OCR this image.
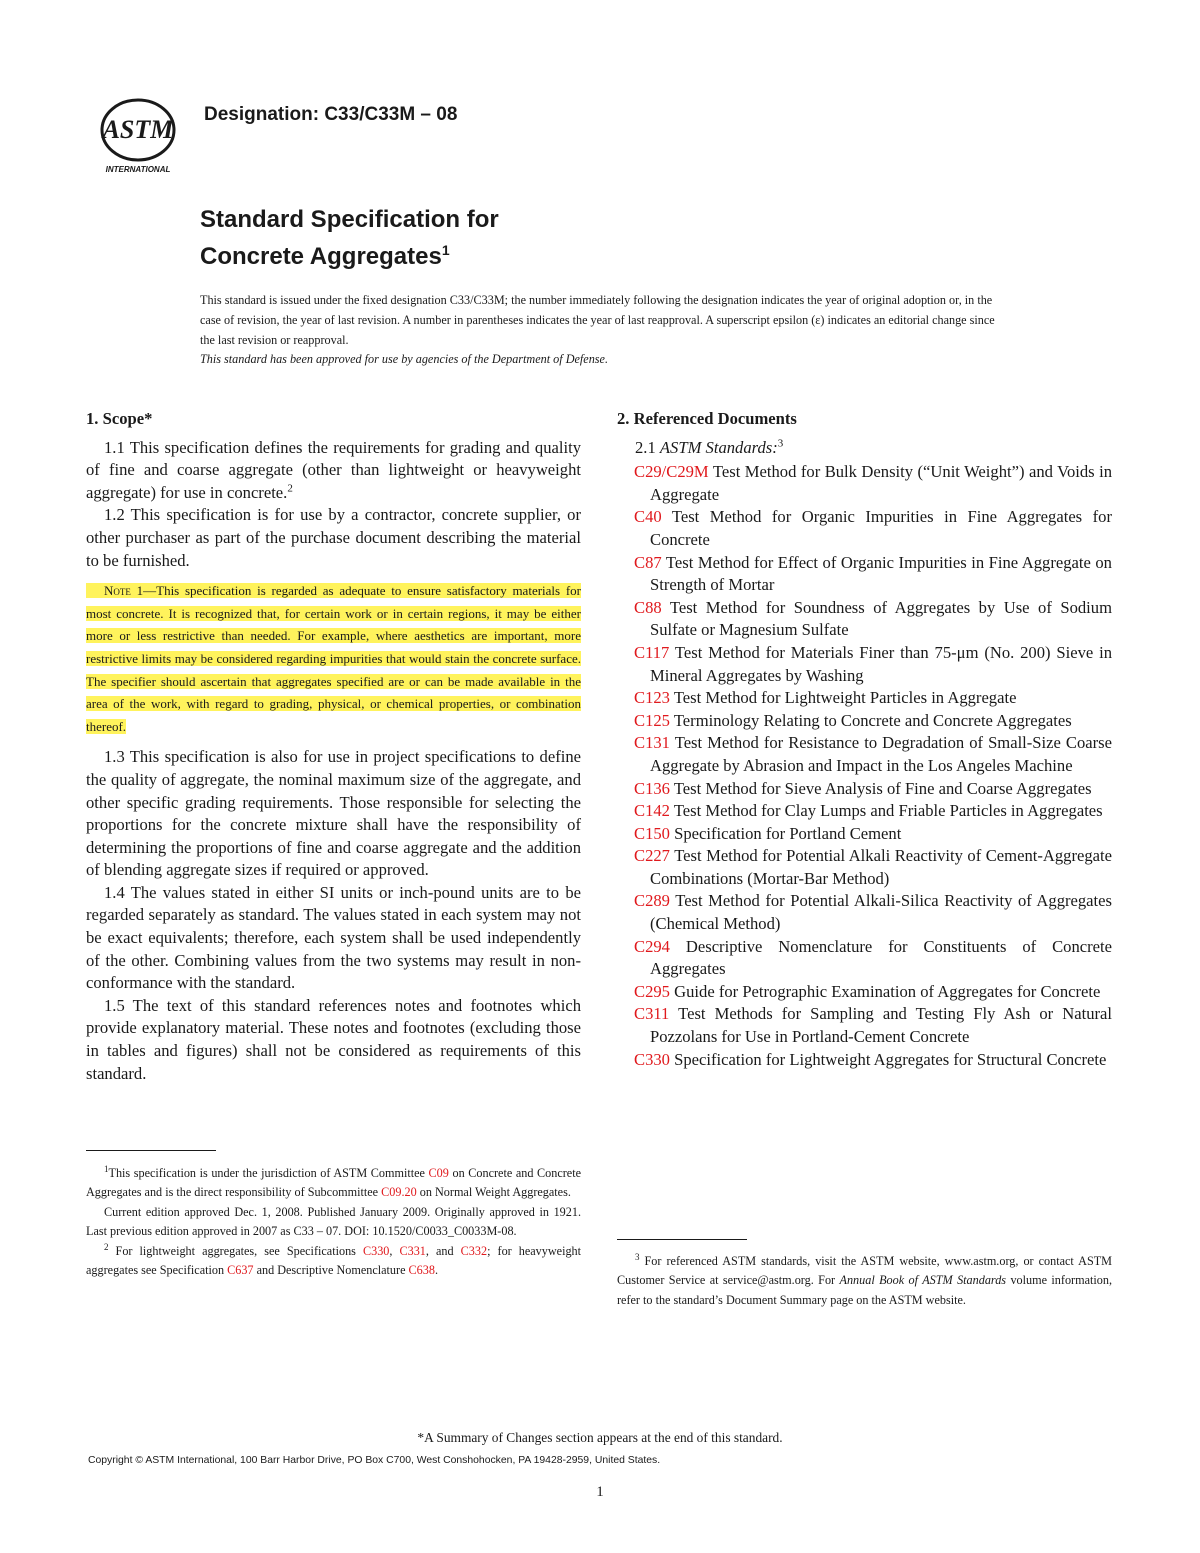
ASTM
INTERNATIONAL
Designation: C33/C33M – 08
Standard Specification for
Concrete Aggregates$^1$
This standard is issued under the fixed designation C33/C33M; the number immediately following the designation indicates the year of original adoption or, in the case of revision, the year of last revision. A number in parentheses indicates the year of last reapproval. A superscript epsilon (ε) indicates an editorial change since the last revision or reapproval.
This standard has been approved for use by agencies of the Department of Defense.

1. Scope*

1.1 This specification defines the requirements for grading and quality of fine and coarse aggregate (other than lightweight or heavyweight aggregate) for use in concrete.$^2$

1.2 This specification is for use by a contractor, concrete supplier, or other purchaser as part of the purchase document describing the material to be furnished.

Note 1—This specification is regarded as adequate to ensure satisfactory materials for most concrete. It is recognized that, for certain work or in certain regions, it may be either more or less restrictive than needed. For example, where aesthetics are important, more restrictive limits may be considered regarding impurities that would stain the concrete surface. The specifier should ascertain that aggregates specified are or can be made available in the area of the work, with regard to grading, physical, or chemical properties, or combination thereof.

1.3 This specification is also for use in project specifications to define the quality of aggregate, the nominal maximum size of the aggregate, and other specific grading requirements. Those responsible for selecting the proportions for the concrete mixture shall have the responsibility of determining the proportions of fine and coarse aggregate and the addition of blending aggregate sizes if required or approved.

1.4 The values stated in either SI units or inch-pound units are to be regarded separately as standard. The values stated in each system may not be exact equivalents; therefore, each system shall be used independently of the other. Combining values from the two systems may result in non-conformance with the standard.

1.5 The text of this standard references notes and footnotes which provide explanatory material. These notes and footnotes (excluding those in tables and figures) shall not be considered as requirements of this standard.

2. Referenced Documents

2.1 ASTM Standards:$^3$

C29/C29M Test Method for Bulk Density (“Unit Weight”) and Voids in Aggregate

C40 Test Method for Organic Impurities in Fine Aggregates for Concrete

C87 Test Method for Effect of Organic Impurities in Fine Aggregate on Strength of Mortar

C88 Test Method for Soundness of Aggregates by Use of Sodium Sulfate or Magnesium Sulfate

C117 Test Method for Materials Finer than 75-μm (No. 200) Sieve in Mineral Aggregates by Washing

C123 Test Method for Lightweight Particles in Aggregate

C125 Terminology Relating to Concrete and Concrete Aggregates

C131 Test Method for Resistance to Degradation of Small-Size Coarse Aggregate by Abrasion and Impact in the Los Angeles Machine

C136 Test Method for Sieve Analysis of Fine and Coarse Aggregates

C142 Test Method for Clay Lumps and Friable Particles in Aggregates

C150 Specification for Portland Cement

C227 Test Method for Potential Alkali Reactivity of Cement-Aggregate Combinations (Mortar-Bar Method)

C289 Test Method for Potential Alkali-Silica Reactivity of Aggregates (Chemical Method)

C294 Descriptive Nomenclature for Constituents of Concrete Aggregates

C295 Guide for Petrographic Examination of Aggregates for Concrete

C311 Test Methods for Sampling and Testing Fly Ash or Natural Pozzolans for Use in Portland-Cement Concrete

C330 Specification for Lightweight Aggregates for Structural Concrete

$^1$This specification is under the jurisdiction of ASTM Committee C09 on Concrete and Concrete Aggregates and is the direct responsibility of Subcommittee C09.20 on Normal Weight Aggregates.

Current edition approved Dec. 1, 2008. Published January 2009. Originally approved in 1921. Last previous edition approved in 2007 as C33 – 07. DOI: 10.1520/C0033_C0033M-08.

$^2$ For lightweight aggregates, see Specifications C330, C331, and C332; for heavyweight aggregates see Specification C637 and Descriptive Nomenclature C638.

$^3$ For referenced ASTM standards, visit the ASTM website, www.astm.org, or contact ASTM Customer Service at service@astm.org. For Annual Book of ASTM Standards volume information, refer to the standard’s Document Summary page on the ASTM website.

*A Summary of Changes section appears at the end of this standard.
Copyright © ASTM International, 100 Barr Harbor Drive, PO Box C700, West Conshohocken, PA 19428-2959, United States.
1
